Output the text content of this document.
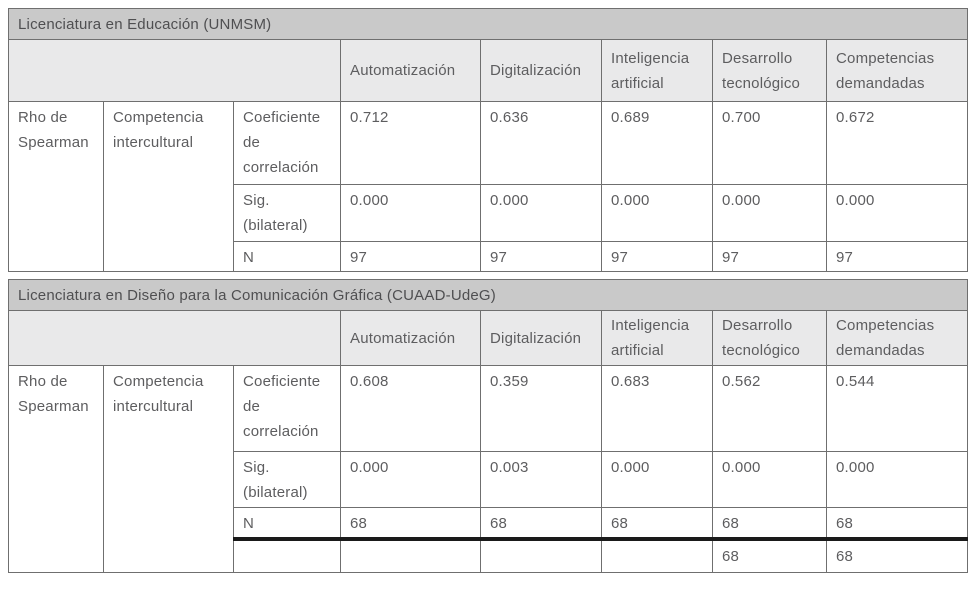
Licenciatura en Educación (UNMSM)							
			Automatización	Digitalización	Inteligencia artificial	Desarrollo tecnológico	Competencias demandadas
Rho de Spearman	Competencia intercultural	Coeficiente de correlación	0.712	0.636	0.689	0.700	0.672
		Sig. (bilateral)	0.000	0.000	0.000	0.000	0.000
		N	97	97	97	97	97
Licenciatura en Diseño para la Comunicación Gráfica (CUAAD-UdeG)							
			Automatización	Digitalización	Inteligencia artificial	Desarrollo tecnológico	Competencias demandadas
Rho de Spearman	Competencia intercultural	Coeficiente de correlación	0.608	0.359	0.683	0.562	0.544
		Sig. (bilateral)	0.000	0.003	0.000	0.000	0.000
		N	68	68	68	68	68
						68	68
